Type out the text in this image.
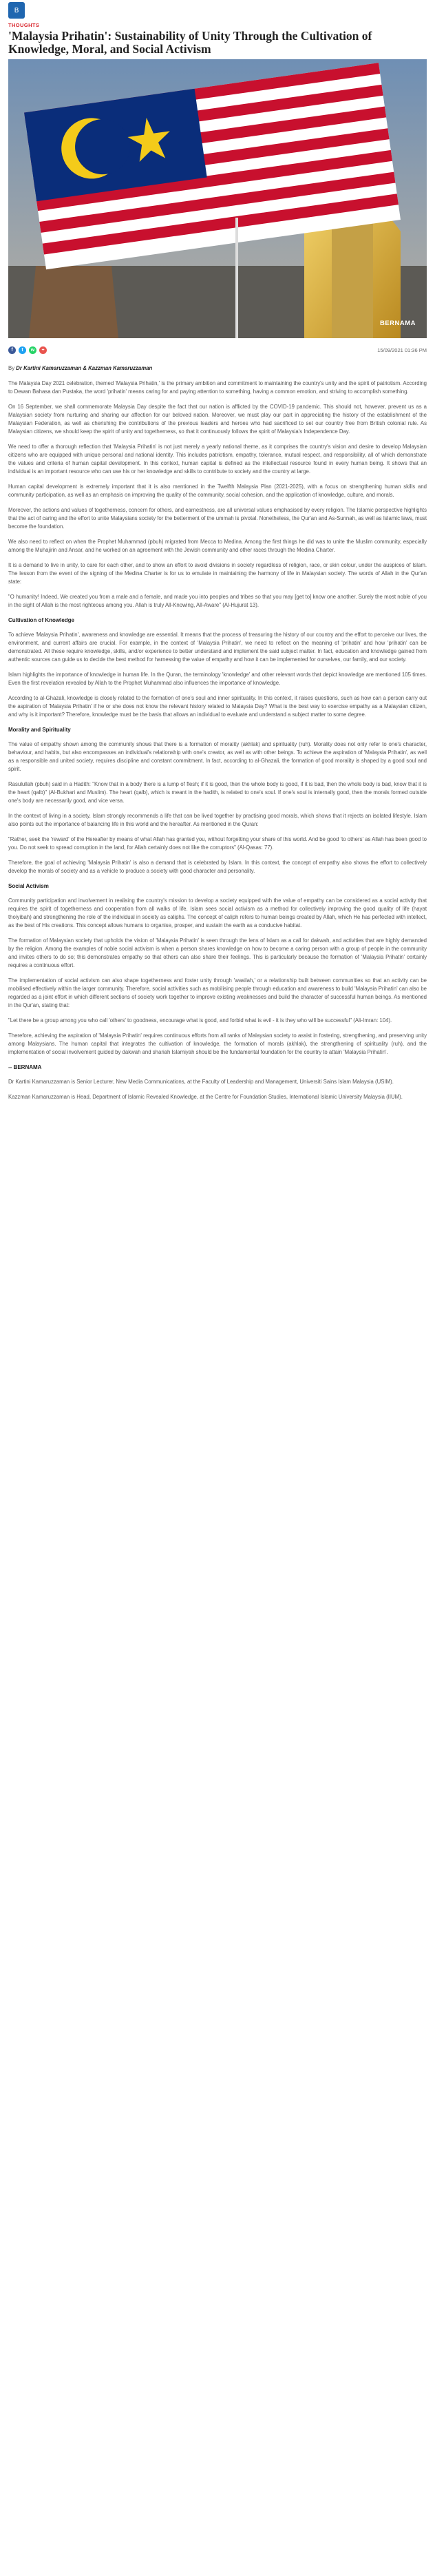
B
THOUGHTS
'Malaysia Prihatin': Sustainability of Unity Through the Cultivation of Knowledge, Moral, and Social Activism
BERNAMA
f	t	w	+	15/09/2021 01:36 PM

By Dr Kartini Kamaruzzaman & Kazzman Kamaruzzaman

The Malaysia Day 2021 celebration, themed 'Malaysia Prihatin,' is the primary ambition and commitment to maintaining the country's unity and the spirit of patriotism. According to Dewan Bahasa dan Pustaka, the word 'prihatin' means caring for and paying attention to something, having a common emotion, and striving to accomplish something.

On 16 September, we shall commemorate Malaysia Day despite the fact that our nation is afflicted by the COVID-19 pandemic. This should not, however, prevent us as a Malaysian society from nurturing and sharing our affection for our beloved nation. Moreover, we must play our part in appreciating the history of the establishment of the Malaysian Federation, as well as cherishing the contributions of the previous leaders and heroes who had sacrificed to set our country free from British colonial rule. As Malaysian citizens, we should keep the spirit of unity and togetherness, so that it continuously follows the spirit of Malaysia's Independence Day.

We need to offer a thorough reflection that 'Malaysia Prihatin' is not just merely a yearly national theme, as it comprises the country's vision and desire to develop Malaysian citizens who are equipped with unique personal and national identity. This includes patriotism, empathy, tolerance, mutual respect, and responsibility, all of which demonstrate the values and criteria of human capital development. In this context, human capital is defined as the intellectual resource found in every human being. It shows that an individual is an important resource who can use his or her knowledge and skills to contribute to society and the country at large.

Human capital development is extremely important that it is also mentioned in the Twelfth Malaysia Plan (2021-2025), with a focus on strengthening human skills and community participation, as well as an emphasis on improving the quality of the community, social cohesion, and the application of knowledge, culture, and morals.

Moreover, the actions and values of togetherness, concern for others, and earnestness, are all universal values emphasised by every religion. The Islamic perspective highlights that the act of caring and the effort to unite Malaysians society for the betterment of the ummah is pivotal. Nonetheless, the Qur'an and As-Sunnah, as well as Islamic laws, must become the foundation.

We also need to reflect on when the Prophet Muhammad (pbuh) migrated from Mecca to Medina. Among the first things he did was to unite the Muslim community, especially among the Muhajirin and Ansar, and he worked on an agreement with the Jewish community and other races through the Medina Charter.

It is a demand to live in unity, to care for each other, and to show an effort to avoid divisions in society regardless of religion, race, or skin colour, under the auspices of Islam. The lesson from the event of the signing of the Medina Charter is for us to emulate in maintaining the harmony of life in Malaysian society. The words of Allah in the Qur'an state:

"O humanity! Indeed, We created you from a male and a female, and made you into peoples and tribes so that you may [get to] know one another. Surely the most noble of you in the sight of Allah is the most righteous among you. Allah is truly All-Knowing, All-Aware" (Al-Hujurat 13).

Cultivation of Knowledge

To achieve 'Malaysia Prihatin', awareness and knowledge are essential. It means that the process of treasuring the history of our country and the effort to perceive our lives, the environment, and current affairs are crucial. For example, in the context of 'Malaysia Prihatin', we need to reflect on the meaning of 'prihatin' and how 'prihatin' can be demonstrated. All these require knowledge, skills, and/or experience to better understand and implement the said subject matter. In fact, education and knowledge gained from authentic sources can guide us to decide the best method for harnessing the value of empathy and how it can be implemented for ourselves, our family, and our society.

Islam highlights the importance of knowledge in human life. In the Quran, the terminology 'knowledge' and other relevant words that depict knowledge are mentioned 105 times. Even the first revelation revealed by Allah to the Prophet Muhammad also influences the importance of knowledge.

According to al-Ghazali, knowledge is closely related to the formation of one's soul and inner spirituality. In this context, it raises questions, such as how can a person carry out the aspiration of 'Malaysia Prihatin' if he or she does not know the relevant history related to Malaysia Day? What is the best way to exercise empathy as a Malaysian citizen, and why is it important? Therefore, knowledge must be the basis that allows an individual to evaluate and understand a subject matter to some degree.

Morality and Spirituality

The value of empathy shown among the community shows that there is a formation of morality (akhlak) and spirituality (ruh). Morality does not only refer to one's character, behaviour, and habits, but also encompasses an individual's relationship with one's creator, as well as with other beings. To achieve the aspiration of 'Malaysia Prihatin', as well as a responsible and united society, requires discipline and constant commitment. In fact, according to al-Ghazali, the formation of good morality is shaped by a good soul and spirit.

Rasulullah (pbuh) said in a Hadith: "Know that in a body there is a lump of flesh; if it is good, then the whole body is good, if it is bad, then the whole body is bad, know that it is the heart (qalb)" (Al-Bukhari and Muslim). The heart (qalb), which is meant in the hadith, is related to one's soul. If one's soul is internally good, then the morals formed outside one's body are necessarily good, and vice versa.

In the context of living in a society, Islam strongly recommends a life that can be lived together by practising good morals, which shows that it rejects an isolated lifestyle. Islam also points out the importance of balancing life in this world and the hereafter. As mentioned in the Quran:

"Rather, seek the 'reward' of the Hereafter by means of what Allah has granted you, without forgetting your share of this world. And be good 'to others' as Allah has been good to you. Do not seek to spread corruption in the land, for Allah certainly does not like the corruptors" (Al-Qasas: 77).

Therefore, the goal of achieving 'Malaysia Prihatin' is also a demand that is celebrated by Islam. In this context, the concept of empathy also shows the effort to collectively develop the morals of society and as a vehicle to produce a society with good character and personality.

Social Activism

Community participation and involvement in realising the country's mission to develop a society equipped with the value of empathy can be considered as a social activity that requires the spirit of togetherness and cooperation from all walks of life. Islam sees social activism as a method for collectively improving the good quality of life (hayat thoiyibah) and strengthening the role of the individual in society as caliphs. The concept of caliph refers to human beings created by Allah, which He has perfected with intellect, as the best of His creations. This concept allows humans to organise, prosper, and sustain the earth as a conducive habitat.

The formation of Malaysian society that upholds the vision of 'Malaysia Prihatin' is seen through the lens of Islam as a call for dakwah, and activities that are highly demanded by the religion. Among the examples of noble social activism is when a person shares knowledge on how to become a caring person with a group of people in the community and invites others to do so; this demonstrates empathy so that others can also share their feelings. This is particularly because the formation of 'Malaysia Prihatin' certainly requires a continuous effort.

The implementation of social activism can also shape togetherness and foster unity through 'wasilah,' or a relationship built between communities so that an activity can be mobilised effectively within the larger community. Therefore, social activities such as mobilising people through education and awareness to build 'Malaysia Prihatin' can also be regarded as a joint effort in which different sections of society work together to improve existing weaknesses and build the character of successful human beings. As mentioned in the Qur'an, stating that:

"Let there be a group among you who call 'others' to goodness, encourage what is good, and forbid what is evil - it is they who will be successful" (Ali-Imran: 104).

Therefore, achieving the aspiration of 'Malaysia Prihatin' requires continuous efforts from all ranks of Malaysian society to assist in fostering, strengthening, and preserving unity among Malaysians. The human capital that integrates the cultivation of knowledge, the formation of morals (akhlak), the strengthening of spirituality (ruh), and the implementation of social involvement guided by dakwah and shariah Islamiyah should be the fundamental foundation for the country to attain 'Malaysia Prihatin'.

-- BERNAMA

Dr Kartini Kamaruzzaman is Senior Lecturer, New Media Communications, at the Faculty of Leadership and Management, Universiti Sains Islam Malaysia (USIM).

Kazzman Kamaruzzaman is Head, Department of Islamic Revealed Knowledge, at the Centre for Foundation Studies, International Islamic University Malaysia (IIUM).
